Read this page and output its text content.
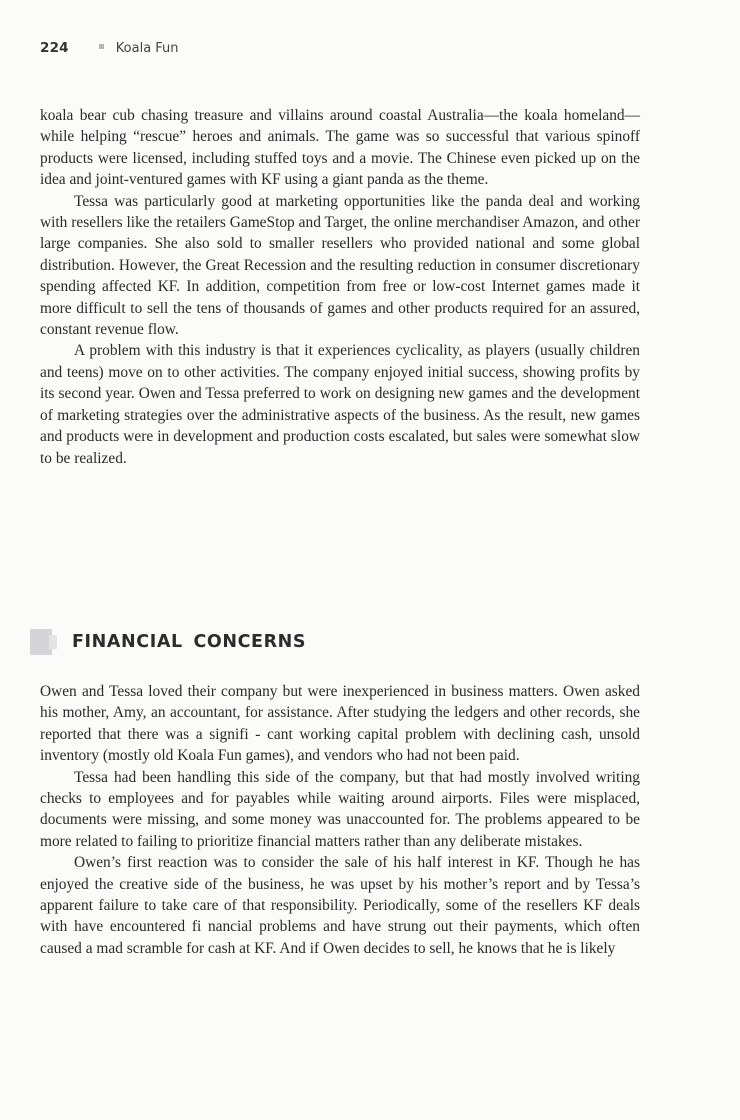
224	Koala Fun

koala bear cub chasing treasure and villains around coastal Australia—the koala homeland—while helping “rescue” heroes and animals. The game was so successful that various spinoff products were licensed, including stuffed toys and a movie. The Chinese even picked up on the idea and joint-ventured games with KF using a giant panda as the theme.

Tessa was particularly good at marketing opportunities like the panda deal and working with resellers like the retailers GameStop and Target, the online merchandiser Amazon, and other large companies. She also sold to smaller resellers who provided national and some global distribution. However, the Great Recession and the resulting reduction in consumer discretionary spending affected KF. In addition, competition from free or low-cost Internet games made it more difficult to sell the tens of thousands of games and other products required for an assured, constant revenue flow.

A problem with this industry is that it experiences cyclicality, as players (usually children and teens) move on to other activities. The company enjoyed initial success, showing profits by its second year. Owen and Tessa preferred to work on designing new games and the development of marketing strategies over the administrative aspects of the business. As the result, new games and products were in development and production costs escalated, but sales were somewhat slow to be realized.

FINANCIAL CONCERNS

Owen and Tessa loved their company but were inexperienced in business matters. Owen asked his mother, Amy, an accountant, for assistance. After studying the ledgers and other records, she reported that there was a signifi - cant working capital problem with declining cash, unsold inventory (mostly old Koala Fun games), and vendors who had not been paid.

Tessa had been handling this side of the company, but that had mostly involved writing checks to employees and for payables while waiting around airports. Files were misplaced, documents were missing, and some money was unaccounted for. The problems appeared to be more related to failing to prioritize financial matters rather than any deliberate mistakes.

Owen’s first reaction was to consider the sale of his half interest in KF. Though he has enjoyed the creative side of the business, he was upset by his mother’s report and by Tessa’s apparent failure to take care of that responsibility. Periodically, some of the resellers KF deals with have encountered fi nancial problems and have strung out their payments, which often caused a mad scramble for cash at KF. And if Owen decides to sell, he knows that he is likely
